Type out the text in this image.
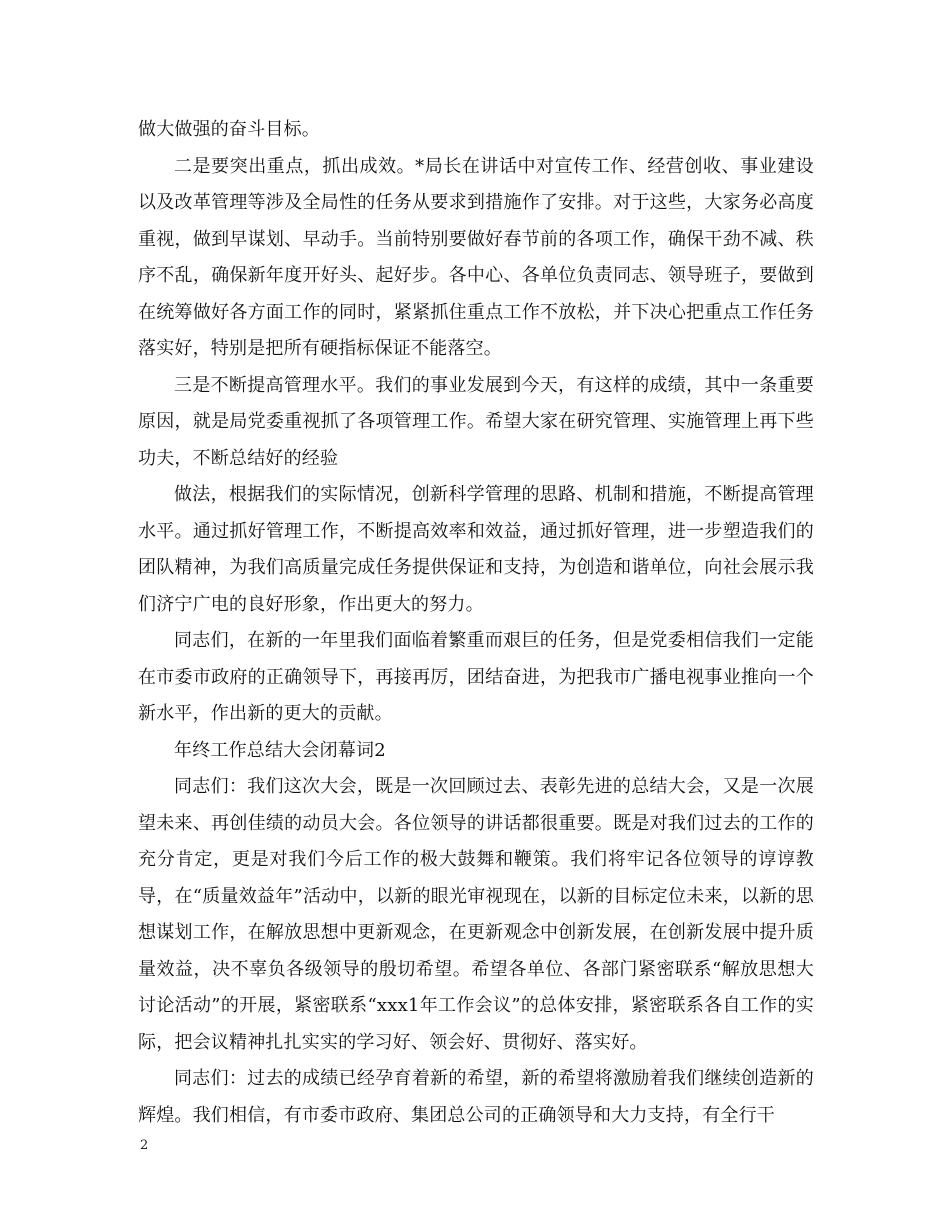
做大做强的奋斗目标。

二是要突出重点，抓出成效。*局长在讲话中对宣传工作、经营创收、事业建设以及改革管理等涉及全局性的任务从要求到措施作了安排。对于这些，大家务必高度重视，做到早谋划、早动手。当前特别要做好春节前的各项工作，确保干劲不减、秩序不乱，确保新年度开好头、起好步。各中心、各单位负责同志、领导班子，要做到在统筹做好各方面工作的同时，紧紧抓住重点工作不放松，并下决心把重点工作任务落实好，特别是把所有硬指标保证不能落空。

三是不断提高管理水平。我们的事业发展到今天，有这样的成绩，其中一条重要原因，就是局党委重视抓了各项管理工作。希望大家在研究管理、实施管理上再下些功夫，不断总结好的经验

做法，根据我们的实际情况，创新科学管理的思路、机制和措施，不断提高管理水平。通过抓好管理工作，不断提高效率和效益，通过抓好管理，进一步塑造我们的团队精神，为我们高质量完成任务提供保证和支持，为创造和谐单位，向社会展示我们济宁广电的良好形象，作出更大的努力。

同志们，在新的一年里我们面临着繁重而艰巨的任务，但是党委相信我们一定能在市委市政府的正确领导下，再接再厉，团结奋进，为把我市广播电视事业推向一个新水平，作出新的更大的贡献。

年终工作总结大会闭幕词2

同志们：我们这次大会，既是一次回顾过去、表彰先进的总结大会，又是一次展望未来、再创佳绩的动员大会。各位领导的讲话都很重要。既是对我们过去的工作的充分肯定，更是对我们今后工作的极大鼓舞和鞭策。我们将牢记各位领导的谆谆教导，在“质量效益年”活动中，以新的眼光审视现在，以新的目标定位未来，以新的思想谋划工作，在解放思想中更新观念，在更新观念中创新发展，在创新发展中提升质量效益，决不辜负各级领导的殷切希望。希望各单位、各部门紧密联系“解放思想大讨论活动”的开展，紧密联系“xxx1年工作会议”的总体安排，紧密联系各自工作的实际，把会议精神扎扎实实的学习好、领会好、贯彻好、落实好。

同志们：过去的成绩已经孕育着新的希望，新的希望将激励着我们继续创造新的辉煌。我们相信，有市委市政府、集团总公司的正确领导和大力支持，有全行干

2
